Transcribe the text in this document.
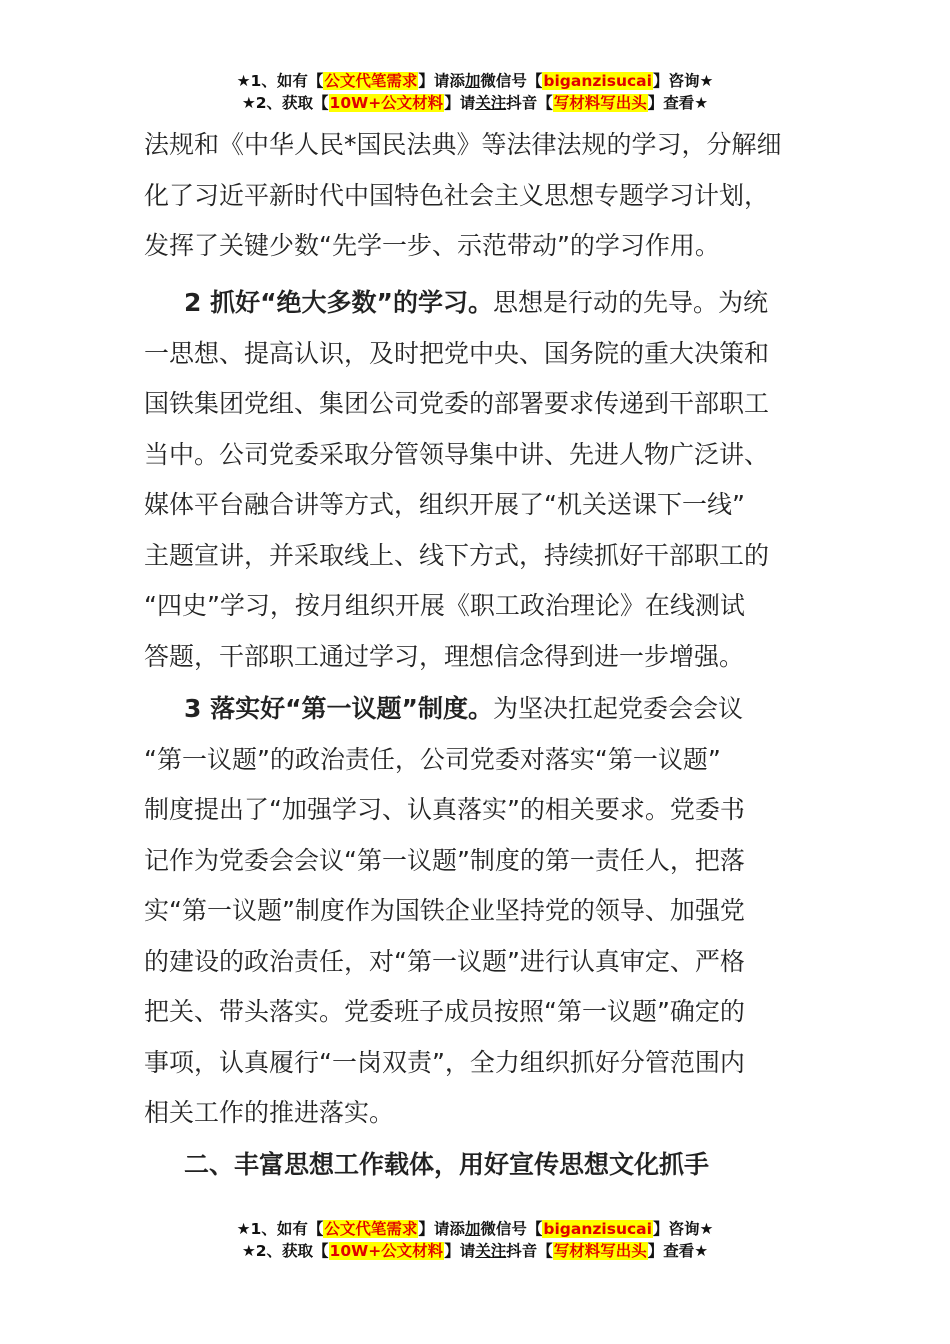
★1、如有【公文代笔需求】请添加微信号【biganzisucai】咨询★
★2、获取【10W+公文材料】请关注抖音【写材料写出头】查看★

法规和《中华人民*国民法典》等法律法规的学习，分解细
化了习近平新时代中国特色社会主义思想专题学习计划，
发挥了关键少数“先学一步、示范带动”的学习作用。

2 抓好“绝大多数”的学习。思想是行动的先导。为统
一思想、提高认识，及时把党中央、国务院的重大决策和
国铁集团党组、集团公司党委的部署要求传递到干部职工
当中。公司党委采取分管领导集中讲、先进人物广泛讲、
媒体平台融合讲等方式，组织开展了“机关送课下一线”
主题宣讲，并采取线上、线下方式，持续抓好干部职工的
“四史”学习，按月组织开展《职工政治理论》在线测试
答题，干部职工通过学习，理想信念得到进一步增强。

3 落实好“第一议题”制度。为坚决扛起党委会会议
“第一议题”的政治责任，公司党委对落实“第一议题”
制度提出了“加强学习、认真落实”的相关要求。党委书
记作为党委会会议“第一议题”制度的第一责任人，把落
实“第一议题”制度作为国铁企业坚持党的领导、加强党
的建设的政治责任，对“第一议题”进行认真审定、严格
把关、带头落实。党委班子成员按照“第一议题”确定的
事项，认真履行“一岗双责”，全力组织抓好分管范围内
相关工作的推进落实。

二、丰富思想工作载体，用好宣传思想文化抓手
★1、如有【公文代笔需求】请添加微信号【biganzisucai】咨询★
★2、获取【10W+公文材料】请关注抖音【写材料写出头】查看★
